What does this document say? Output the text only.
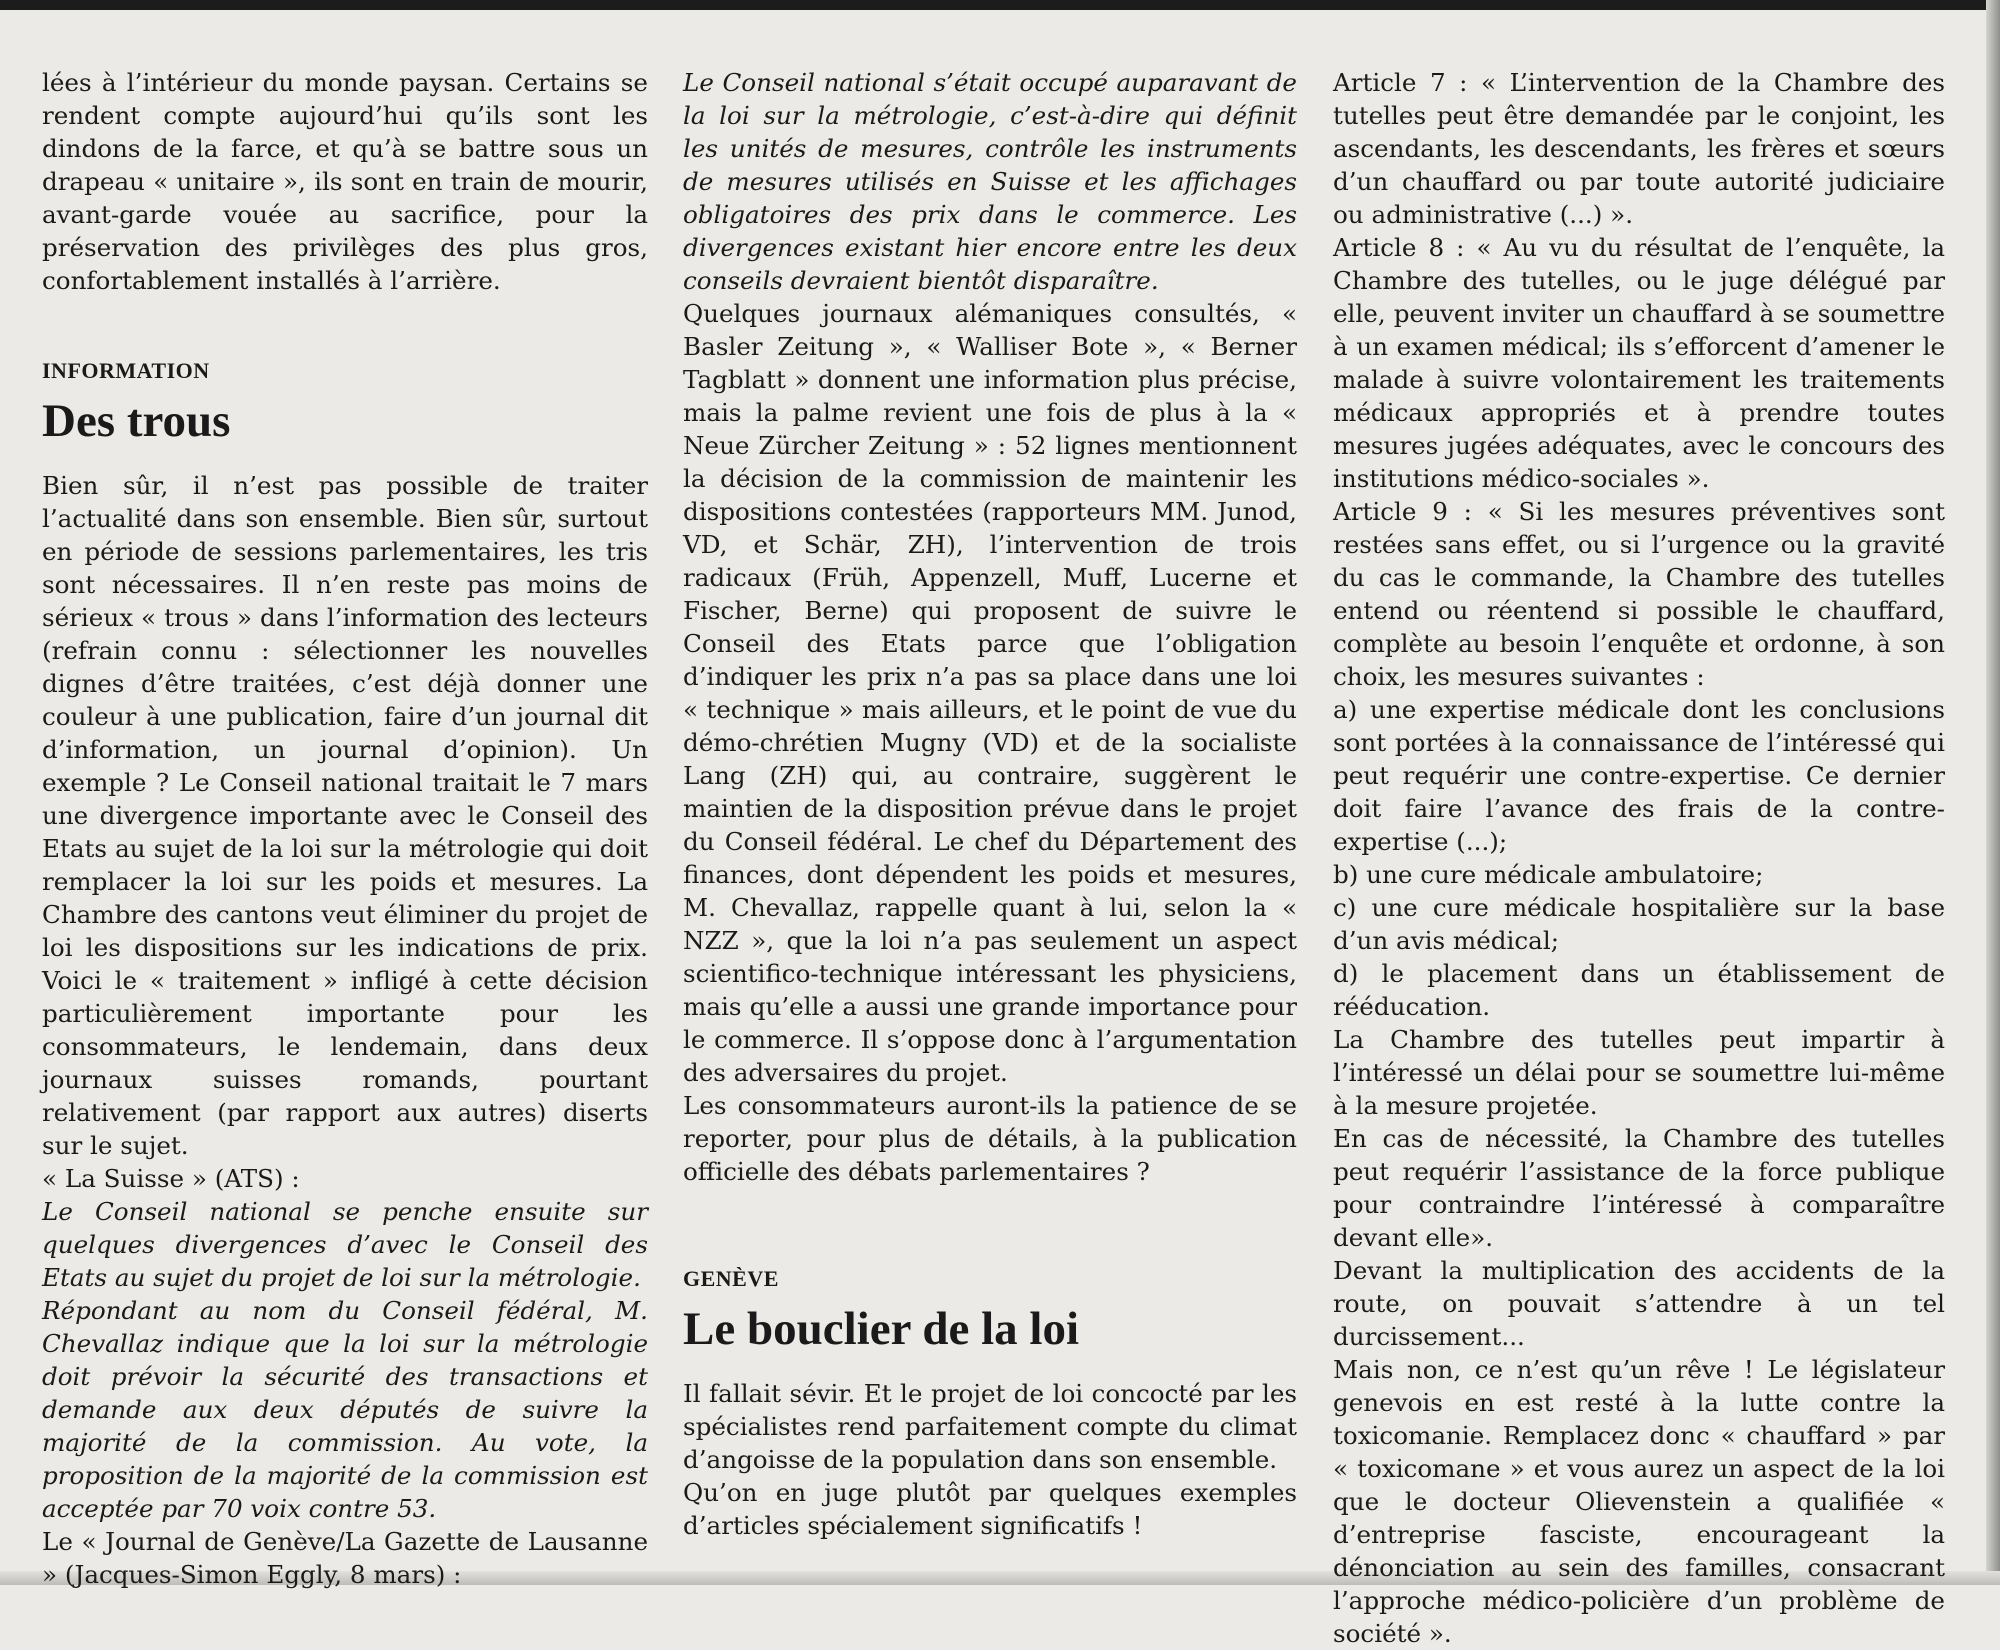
lées à l’intérieur du monde paysan. Certains se rendent compte aujourd’hui qu’ils sont les dindons de la farce, et qu’à se battre sous un drapeau « unitaire », ils sont en train de mourir, avant-garde vouée au sacrifice, pour la préservation des privilèges des plus gros, confortablement installés à l’arrière.

INFORMATION
Des trous

Bien sûr, il n’est pas possible de traiter l’actualité dans son ensemble. Bien sûr, surtout en période de sessions parlementaires, les tris sont nécessaires. Il n’en reste pas moins de sérieux « trous » dans l’information des lecteurs (refrain connu : sélectionner les nouvelles dignes d’être traitées, c’est déjà donner une couleur à une publication, faire d’un journal dit d’information, un journal d’opinion). Un exemple ? Le Conseil national traitait le 7 mars une divergence importante avec le Conseil des Etats au sujet de la loi sur la métrologie qui doit remplacer la loi sur les poids et mesures. La Chambre des cantons veut éliminer du projet de loi les dispositions sur les indications de prix. Voici le « traitement » infligé à cette décision particulièrement importante pour les consommateurs, le lendemain, dans deux journaux suisses romands, pourtant relativement (par rapport aux autres) diserts sur le sujet.

« La Suisse » (ATS) :

Le Conseil national se penche ensuite sur quelques divergences d’avec le Conseil des Etats au sujet du projet de loi sur la métrologie.

Répondant au nom du Conseil fédéral, M. Chevallaz indique que la loi sur la métrologie doit prévoir la sécurité des transactions et demande aux deux députés de suivre la majorité de la commission. Au vote, la proposition de la majorité de la commission est acceptée par 70 voix contre 53.

Le « Journal de Genève/La Gazette de Lausanne » (Jacques-Simon Eggly, 8 mars) :

Le Conseil national s’était occupé auparavant de la loi sur la métrologie, c’est-à-dire qui définit les unités de mesures, contrôle les instruments de mesures utilisés en Suisse et les affichages obligatoires des prix dans le commerce. Les divergences existant hier encore entre les deux conseils devraient bientôt disparaître.

Quelques journaux alémaniques consultés, « Basler Zeitung », « Walliser Bote », « Berner Tagblatt » donnent une information plus précise, mais la palme revient une fois de plus à la « Neue Zürcher Zeitung » : 52 lignes mentionnent la décision de la commission de maintenir les dispositions contestées (rapporteurs MM. Junod, VD, et Schär, ZH), l’intervention de trois radicaux (Früh, Appenzell, Muff, Lucerne et Fischer, Berne) qui proposent de suivre le Conseil des Etats parce que l’obligation d’indiquer les prix n’a pas sa place dans une loi « technique » mais ailleurs, et le point de vue du démo-chrétien Mugny (VD) et de la socialiste Lang (ZH) qui, au contraire, suggèrent le maintien de la disposition prévue dans le projet du Conseil fédéral. Le chef du Département des finances, dont dépendent les poids et mesures, M. Chevallaz, rappelle quant à lui, selon la « NZZ », que la loi n’a pas seulement un aspect scientifico-technique intéressant les physiciens, mais qu’elle a aussi une grande importance pour le commerce. Il s’oppose donc à l’argumentation des adversaires du projet.

Les consommateurs auront-ils la patience de se reporter, pour plus de détails, à la publication officielle des débats parlementaires ?

GENÈVE
Le bouclier de la loi

Il fallait sévir. Et le projet de loi concocté par les spécialistes rend parfaitement compte du climat d’angoisse de la population dans son ensemble.

Qu’on en juge plutôt par quelques exemples d’articles spécialement significatifs !

Article 7 : « L’intervention de la Chambre des tutelles peut être demandée par le conjoint, les ascendants, les descendants, les frères et sœurs d’un chauffard ou par toute autorité judiciaire ou administrative (...) ».

Article 8 : « Au vu du résultat de l’enquête, la Chambre des tutelles, ou le juge délégué par elle, peuvent inviter un chauffard à se soumettre à un examen médical; ils s’efforcent d’amener le malade à suivre volontairement les traitements médicaux appropriés et à prendre toutes mesures jugées adéquates, avec le concours des institutions médico-sociales ».

Article 9 : « Si les mesures préventives sont restées sans effet, ou si l’urgence ou la gravité du cas le commande, la Chambre des tutelles entend ou réentend si possible le chauffard, complète au besoin l’enquête et ordonne, à son choix, les mesures suivantes :

a) une expertise médicale dont les conclusions sont portées à la connaissance de l’intéressé qui peut requérir une contre-expertise. Ce dernier doit faire l’avance des frais de la contre-expertise (...);

b) une cure médicale ambulatoire;

c) une cure médicale hospitalière sur la base d’un avis médical;

d) le placement dans un établissement de rééducation.

La Chambre des tutelles peut impartir à l’intéressé un délai pour se soumettre lui-même à la mesure projetée.

En cas de nécessité, la Chambre des tutelles peut requérir l’assistance de la force publique pour contraindre l’intéressé à comparaître devant elle».

Devant la multiplication des accidents de la route, on pouvait s’attendre à un tel durcissement...

Mais non, ce n’est qu’un rêve ! Le législateur genevois en est resté à la lutte contre la toxicomanie. Remplacez donc « chauffard » par « toxicomane » et vous aurez un aspect de la loi que le docteur Olievenstein a qualifiée « d’entreprise fasciste, encourageant la dénonciation au sein des familles, consacrant l’approche médico-policière d’un problème de société ».
